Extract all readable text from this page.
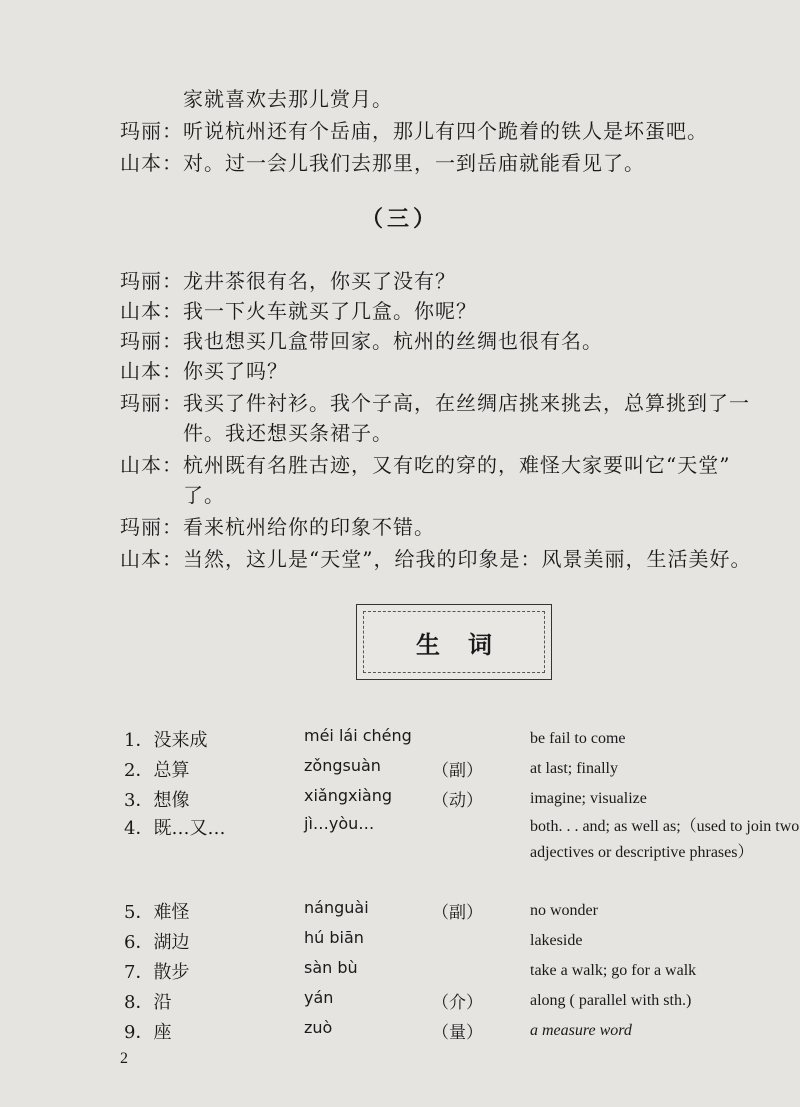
　　　家就喜欢去那儿赏月。
玛丽：听说杭州还有个岳庙，那儿有四个跪着的铁人是坏蛋吧。
山本：对。过一会儿我们去那里，一到岳庙就能看见了。
（三）
玛丽：龙井茶很有名，你买了没有？
山本：我一下火车就买了几盒。你呢？
玛丽：我也想买几盒带回家。杭州的丝绸也很有名。
山本：你买了吗？
玛丽：我买了件衬衫。我个子高，在丝绸店挑来挑去，总算挑到了一
　　　件。我还想买条裙子。
山本：杭州既有名胜古迹，又有吃的穿的，难怪大家要叫它“天堂”
　　　了。
玛丽：看来杭州给你的印象不错。
山本：当然，这儿是“天堂”，给我的印象是：风景美丽，生活美好。
生词
1．没来成	méi lái chéng	be fail to come
2．总算	zǒngsuàn	（副）	at last; finally
3．想像	xiǎngxiàng （动）	imagine; visualize
4．既…又…	jì…yòu…	both. . . and; as well as;（used to join two adjectives or descriptive phrases）
5．难怪	nánguài	（副）	no wonder
6．湖边	hú biān	lakeside
7．散步	sàn bù	take a walk; go for a walk
8．沿	yán	（介）	along ( parallel with sth.)
9．座	zuò	（量）	a measure word
2
